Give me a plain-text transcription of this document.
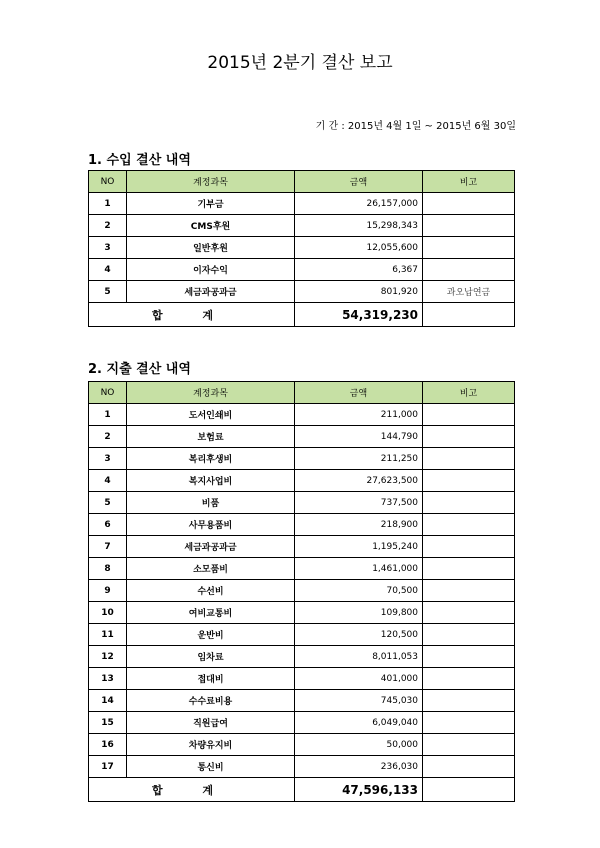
2015년 2분기 결산 보고
기 간 : 2015년 4월 1일 ~ 2015년 6월 30일
1. 수입 결산 내역
NO	계정과목	금액	비고
1	기부금	26,157,000	
2	CMS후원	15,298,343	
3	일반후원	12,055,600	
4	이자수익	6,367	
5	세금과공과금	801,920	과오납연금
합 계		54,319,230	
2. 지출 결산 내역
NO	계정과목	금액	비고
1	도서인쇄비	211,000	
2	보험료	144,790	
3	복리후생비	211,250	
4	복지사업비	27,623,500	
5	비품	737,500	
6	사무용품비	218,900	
7	세금과공과금	1,195,240	
8	소모품비	1,461,000	
9	수선비	70,500	
10	여비교통비	109,800	
11	운반비	120,500	
12	임차료	8,011,053	
13	접대비	401,000	
14	수수료비용	745,030	
15	직원급여	6,049,040	
16	차량유지비	50,000	
17	통신비	236,030	
합 계		47,596,133	
